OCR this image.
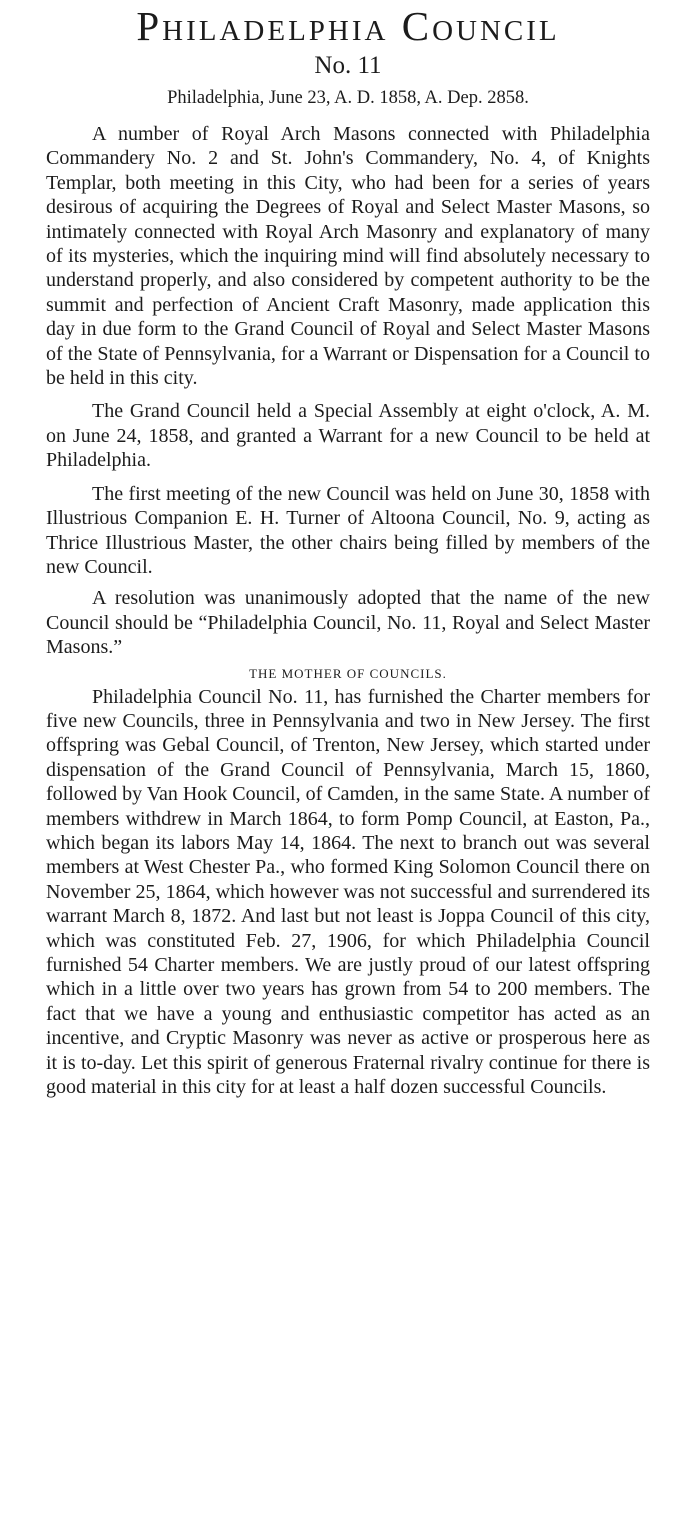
Philadelphia Council
No. 11
Philadelphia, June 23, A. D. 1858, A. Dep. 2858.

A number of Royal Arch Masons connected with Philadelphia Commandery No. 2 and St. John's Commandery, No. 4, of Knights Templar, both meeting in this City, who had been for a series of years desirous of acquiring the Degrees of Royal and Select Master Masons, so intimately connected with Royal Arch Masonry and explanatory of many of its mysteries, which the inquiring mind will find absolutely necessary to understand properly, and also considered by competent authority to be the summit and perfection of Ancient Craft Masonry, made application this day in due form to the Grand Council of Royal and Select Master Masons of the State of Pennsylvania, for a Warrant or Dispensation for a Council to be held in this city.

The Grand Council held a Special Assembly at eight o'clock, A. M. on June 24, 1858, and granted a Warrant for a new Council to be held at Philadelphia.

The first meeting of the new Council was held on June 30, 1858 with Illustrious Companion E. H. Turner of Altoona Council, No. 9, acting as Thrice Illustrious Master, the other chairs being filled by members of the new Council.

A resolution was unanimously adopted that the name of the new Council should be “Philadelphia Council, No. 11, Royal and Select Master Masons.”

THE MOTHER OF COUNCILS.

Philadelphia Council No. 11, has furnished the Charter members for five new Councils, three in Pennsylvania and two in New Jersey. The first offspring was Gebal Council, of Trenton, New Jersey, which started under dispensation of the Grand Council of Pennsylvania, March 15, 1860, followed by Van Hook Council, of Camden, in the same State. A number of members withdrew in March 1864, to form Pomp Council, at Easton, Pa., which began its labors May 14, 1864. The next to branch out was several members at West Chester Pa., who formed King Solomon Council there on November 25, 1864, which however was not successful and surrendered its warrant March 8, 1872. And last but not least is Joppa Council of this city, which was constituted Feb. 27, 1906, for which Philadelphia Council furnished 54 Charter members. We are justly proud of our latest offspring which in a little over two years has grown from 54 to 200 members. The fact that we have a young and enthusiastic competitor has acted as an incentive, and Cryptic Masonry was never as active or prosperous here as it is to-day. Let this spirit of generous Fraternal rivalry continue for there is good material in this city for at least a half dozen successful Councils.
